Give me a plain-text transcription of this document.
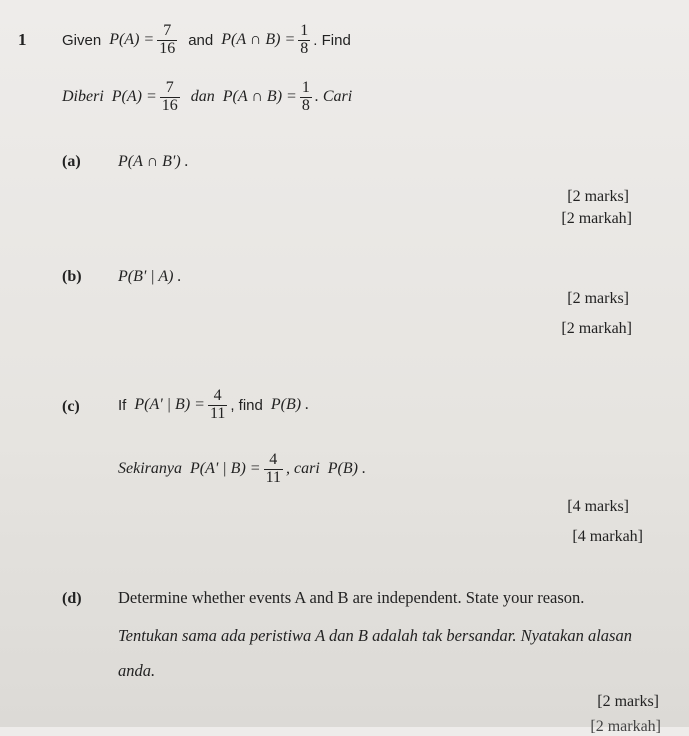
1 Given $P(A) = \frac{7}{16}$ and P(A ∩ $B) = \frac{1}{8}$ . Find
Diberi $P(A) = \frac{7}{16}$ dan P(A ∩ $B) = \frac{1}{8}$ . Cari
(a) P(A ∩ B') .
[2 marks]
[2 markah]
(b) P(B' | A) .
[2 marks]
[2 markah]
(c)	If P(A' | $B) = \frac{4}{11}$ , find P(B) .
Sekiranya P(A' | $B) = \frac{4}{11}$ , cari P(B) .
[4 marks]
[4 markah]
(d) Determine whether events A and B are independent. State your reason.
Tentukan sama ada peristiwa A dan B adalah tak bersandar. Nyatakan alasan
anda.
[2 marks]
[2 markah]
